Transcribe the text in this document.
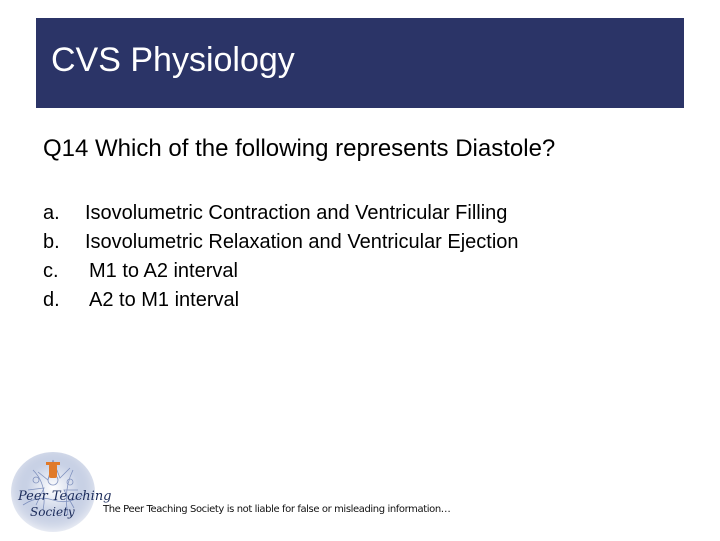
CVS Physiology
Q14 Which of the following represents Diastole?
a.	Isovolumetric Contraction and Ventricular Filling
b.	Isovolumetric Relaxation and Ventricular Ejection
c.	M1 to A2 interval
d.	A2 to M1 interval
Peer Teaching
Society	The Peer Teaching Society is not liable for false or misleading information…
